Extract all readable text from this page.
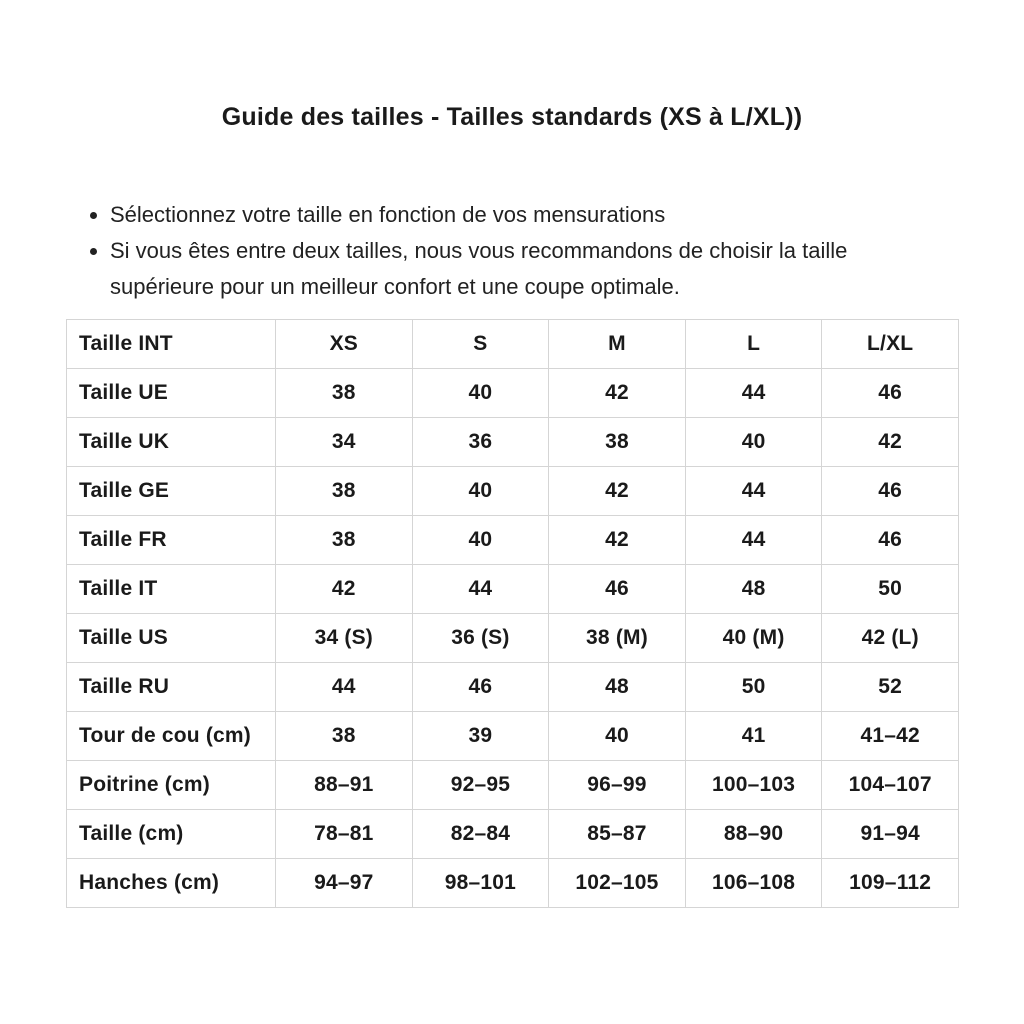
Guide des tailles - Tailles standards (XS à L/XL))
• Sélectionnez votre taille en fonction de vos mensurations
• Si vous êtes entre deux tailles, nous vous recommandons de choisir la taille supérieure pour un meilleur confort et une coupe optimale.
Taille INT	XS	S	M	L	L/XL
Taille UE	38	40	42	44	46
Taille UK	34	36	38	40	42
Taille GE	38	40	42	44	46
Taille FR	38	40	42	44	46
Taille IT	42	44	46	48	50
Taille US	34 (S)	36 (S)	38 (M)	40 (M)	42 (L)
Taille RU	44	46	48	50	52
Tour de cou (cm)	38	39	40	41	41–42
Poitrine (cm)	88–91	92–95	96–99	100–103	104–107
Taille (cm)	78–81	82–84	85–87	88–90	91–94
Hanches (cm)	94–97	98–101	102–105	106–108	109–112
